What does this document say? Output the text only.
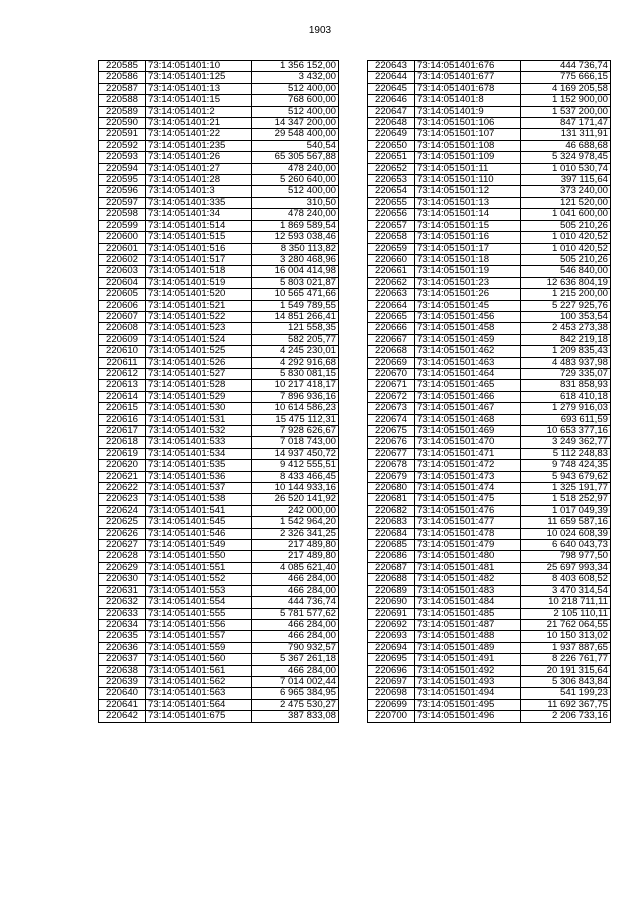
1903
220585	73:14:051401:10	1 356 152,00
220586	73:14:051401:125	3 432,00
220587	73:14:051401:13	512 400,00
220588	73:14:051401:15	768 600,00
220589	73:14:051401:2	512 400,00
220590	73:14:051401:21	14 347 200,00
220591	73:14:051401:22	29 548 400,00
220592	73:14:051401:235	540,54
220593	73:14:051401:26	65 305 567,88
220594	73:14:051401:27	478 240,00
220595	73:14:051401:28	5 260 640,00
220596	73:14:051401:3	512 400,00
220597	73:14:051401:335	310,50
220598	73:14:051401:34	478 240,00
220599	73:14:051401:514	1 869 589,54
220600	73:14:051401:515	12 593 038,46
220601	73:14:051401:516	8 350 113,82
220602	73:14:051401:517	3 280 468,96
220603	73:14:051401:518	16 004 414,98
220604	73:14:051401:519	5 803 021,87
220605	73:14:051401:520	10 565 471,66
220606	73:14:051401:521	1 549 789,55
220607	73:14:051401:522	14 851 266,41
220608	73:14:051401:523	121 558,35
220609	73:14:051401:524	582 205,77
220610	73:14:051401:525	4 245 230,01
220611	73:14:051401:526	4 292 916,68
220612	73:14:051401:527	5 830 081,15
220613	73:14:051401:528	10 217 418,17
220614	73:14:051401:529	7 896 936,16
220615	73:14:051401:530	10 614 586,23
220616	73:14:051401:531	15 475 112,31
220617	73:14:051401:532	7 928 626,67
220618	73:14:051401:533	7 018 743,00
220619	73:14:051401:534	14 937 450,72
220620	73:14:051401:535	9 412 555,51
220621	73:14:051401:536	8 433 466,45
220622	73:14:051401:537	10 144 933,16
220623	73:14:051401:538	26 520 141,92
220624	73:14:051401:541	242 000,00
220625	73:14:051401:545	1 542 964,20
220626	73:14:051401:546	2 326 341,25
220627	73:14:051401:549	217 489,80
220628	73:14:051401:550	217 489,80
220629	73:14:051401:551	4 085 621,40
220630	73:14:051401:552	466 284,00
220631	73:14:051401:553	466 284,00
220632	73:14:051401:554	444 736,74
220633	73:14:051401:555	5 781 577,62
220634	73:14:051401:556	466 284,00
220635	73:14:051401:557	466 284,00
220636	73:14:051401:559	790 932,57
220637	73:14:051401:560	5 367 261,18
220638	73:14:051401:561	466 284,00
220639	73:14:051401:562	7 014 002,44
220640	73:14:051401:563	6 965 384,95
220641	73:14:051401:564	2 475 530,27
220642	73:14:051401:675	387 833,08
220643	73:14:051401:676	444 736,74
220644	73:14:051401:677	775 666,15
220645	73:14:051401:678	4 169 205,58
220646	73:14:051401:8	1 152 900,00
220647	73:14:051401:9	1 537 200,00
220648	73:14:051501:106	847 171,47
220649	73:14:051501:107	131 311,91
220650	73:14:051501:108	46 688,68
220651	73:14:051501:109	5 324 978,45
220652	73:14:051501:11	1 010 530,74
220653	73:14:051501:110	397 115,64
220654	73:14:051501:12	373 240,00
220655	73:14:051501:13	121 520,00
220656	73:14:051501:14	1 041 600,00
220657	73:14:051501:15	505 210,26
220658	73:14:051501:16	1 010 420,52
220659	73:14:051501:17	1 010 420,52
220660	73:14:051501:18	505 210,26
220661	73:14:051501:19	546 840,00
220662	73:14:051501:23	12 636 804,19
220663	73:14:051501:26	1 215 200,00
220664	73:14:051501:45	5 227 925,76
220665	73:14:051501:456	100 353,54
220666	73:14:051501:458	2 453 273,38
220667	73:14:051501:459	842 219,18
220668	73:14:051501:462	1 209 835,43
220669	73:14:051501:463	4 483 937,98
220670	73:14:051501:464	729 335,07
220671	73:14:051501:465	831 858,93
220672	73:14:051501:466	618 410,18
220673	73:14:051501:467	1 279 916,03
220674	73:14:051501:468	693 611,59
220675	73:14:051501:469	10 653 377,16
220676	73:14:051501:470	3 249 362,77
220677	73:14:051501:471	5 112 248,83
220678	73:14:051501:472	9 748 424,35
220679	73:14:051501:473	5 943 679,62
220680	73:14:051501:474	1 325 191,77
220681	73:14:051501:475	1 518 252,97
220682	73:14:051501:476	1 017 049,39
220683	73:14:051501:477	11 659 587,16
220684	73:14:051501:478	10 024 608,39
220685	73:14:051501:479	6 640 043,73
220686	73:14:051501:480	798 977,50
220687	73:14:051501:481	25 697 993,34
220688	73:14:051501:482	8 403 608,52
220689	73:14:051501:483	3 470 314,54
220690	73:14:051501:484	10 218 711,11
220691	73:14:051501:485	2 105 110,11
220692	73:14:051501:487	21 762 064,55
220693	73:14:051501:488	10 150 313,02
220694	73:14:051501:489	1 937 887,65
220695	73:14:051501:491	8 226 761,77
220696	73:14:051501:492	20 191 315,64
220697	73:14:051501:493	5 306 843,84
220698	73:14:051501:494	541 199,23
220699	73:14:051501:495	11 692 367,75
220700	73:14:051501:496	2 206 733,16
